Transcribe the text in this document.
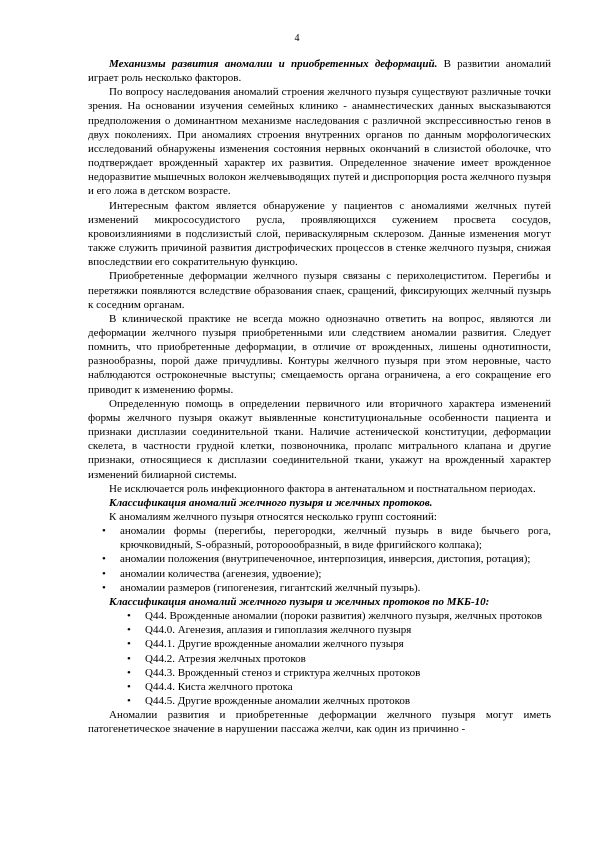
4

Механизмы развития аномалии и приобретенных деформаций. В развитии аномалий играет роль несколько факторов.

По вопросу наследования аномалий строения желчного пузыря существуют различные точки зрения. На основании изучения семейных клинико - анамнестических данных высказываются предположения о доминантном механизме наследования с различной экспрессивностью генов в двух поколениях. При аномалиях строения внутренних органов по данным морфологических исследований обнаружены изменения состояния нервных окончаний в слизистой оболочке, что подтверждает врожденный характер их развития. Определенное значение имеет врожденное недоразвитие мышечных волокон желчевыводящих путей и диспропорция роста желчного пузыря и его ложа в детском возрасте.

Интересным фактом является обнаружение у пациентов с аномалиями желчных путей изменений микрососудистого русла, проявляющихся сужением просвета сосудов, кровоизлияниями в подслизистый слой, периваскулярным склерозом. Данные изменения могут также служить причиной развития дистрофических процессов в стенке желчного пузыря, снижая впоследствии его сократительную функцию.

Приобретенные деформации желчного пузыря связаны с перихолециститом. Перегибы и перетяжки появляются вследствие образования спаек, сращений, фиксирующих желчный пузырь к соседним органам.

В клинической практике не всегда можно однозначно ответить на вопрос, являются ли деформации желчного пузыря приобретенными или следствием аномалии развития. Следует помнить, что приобретенные деформации, в отличие от врожденных, лишены однотипности, разнообразны, порой даже причудливы. Контуры желчного пузыря при этом неровные, часто наблюдаются остроконечные выступы; смещаемость органа ограничена, а его сокращение его приводит к изменению формы.

Определенную помощь в определении первичного или вторичного характера изменений формы желчного пузыря окажут выявленные конституциональные особенности пациента и признаки дисплазии соединительной ткани. Наличие астенической конституции, деформации скелета, в частности грудной клетки, позвоночника, пролапс митрального клапана и другие признаки, относящиеся к дисплазии соединительной ткани, укажут на врожденный характер изменений билиарной системы.

Не исключается роль инфекционного фактора в антенатальном и постнатальном периодах.

Классификация аномалий желчного пузыря и желчных протоков.

К аномалиям желчного пузыря относятся несколько групп состояний:

• аномалии формы (перегибы, перегородки, желчный пузырь в виде бычьего рога, крючковидный, S-образный, ротороообразный, в виде фригийского колпака);
• аномалии положения (внутрипеченочное, интерпозиция, инверсия, дистопия, ротация);
• аномалии количества (агенезия, удвоение);
• аномалии размеров (гипогенезия, гигантский желчный пузырь).

Классификация аномалий желчного пузыря и желчных протоков по МКБ-10:

• Q44. Врожденные аномалии (пороки развития) желчного пузыря, желчных протоков
• Q44.0. Агенезия, аплазия и гипоплазия желчного пузыря
• Q44.1. Другие врожденные аномалии желчного пузыря
• Q44.2. Атрезия желчных протоков
• Q44.3. Врожденный стеноз и стриктура желчных протоков
• Q44.4. Киста желчного протока
• Q44.5. Другие врожденные аномалии желчных протоков

Аномалии развития и приобретенные деформации желчного пузыря могут иметь патогенетическое значение в нарушении пассажа желчи, как один из причинно -
